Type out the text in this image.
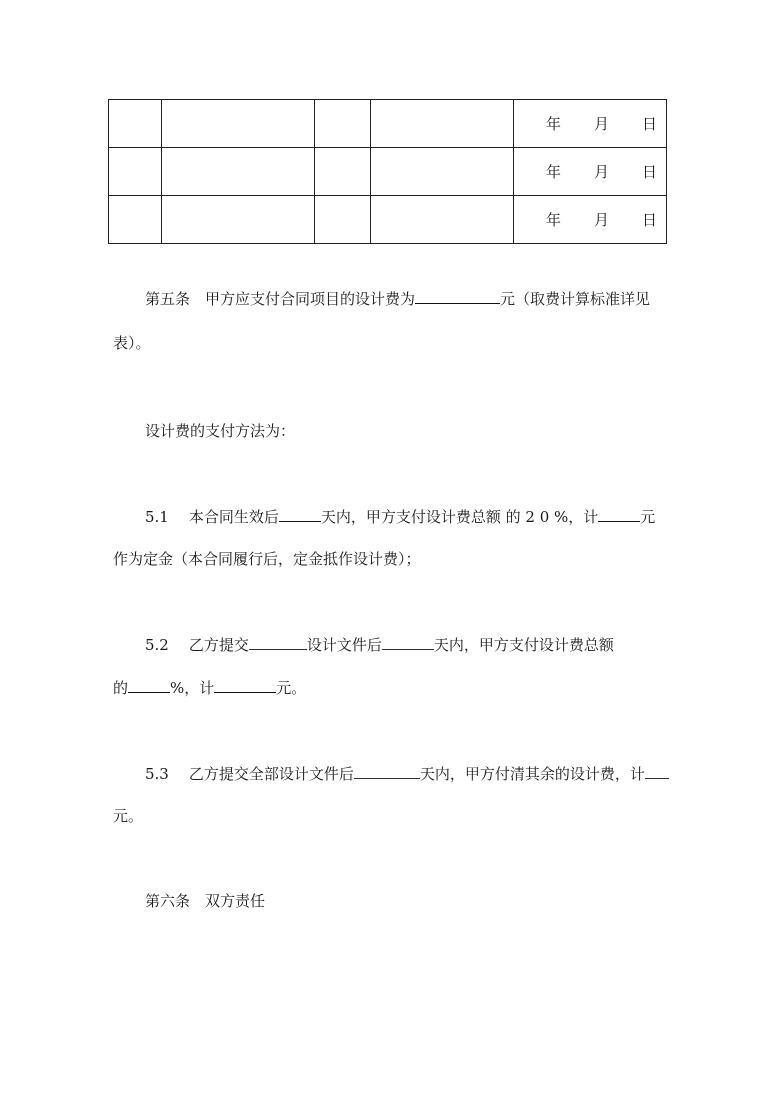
				年 月 日

				年 月 日

				年 月 日
第五条 甲方应支付合同项目的设计费为	元（取费计算标准详见
表）。
设计费的支付方法为：
5.1 本合同生效后	天内，甲方支付设计费总额 的 2 0 %，计	元
作为定金（本合同履行后，定金抵作设计费）；
5.2 乙方提交	设计文件后	天内，甲方支付设计费总额
的	%，计	元。
5.3 乙方提交全部设计文件后	天内，甲方付清其余的设计费，计
元。
第六条 双方责任
